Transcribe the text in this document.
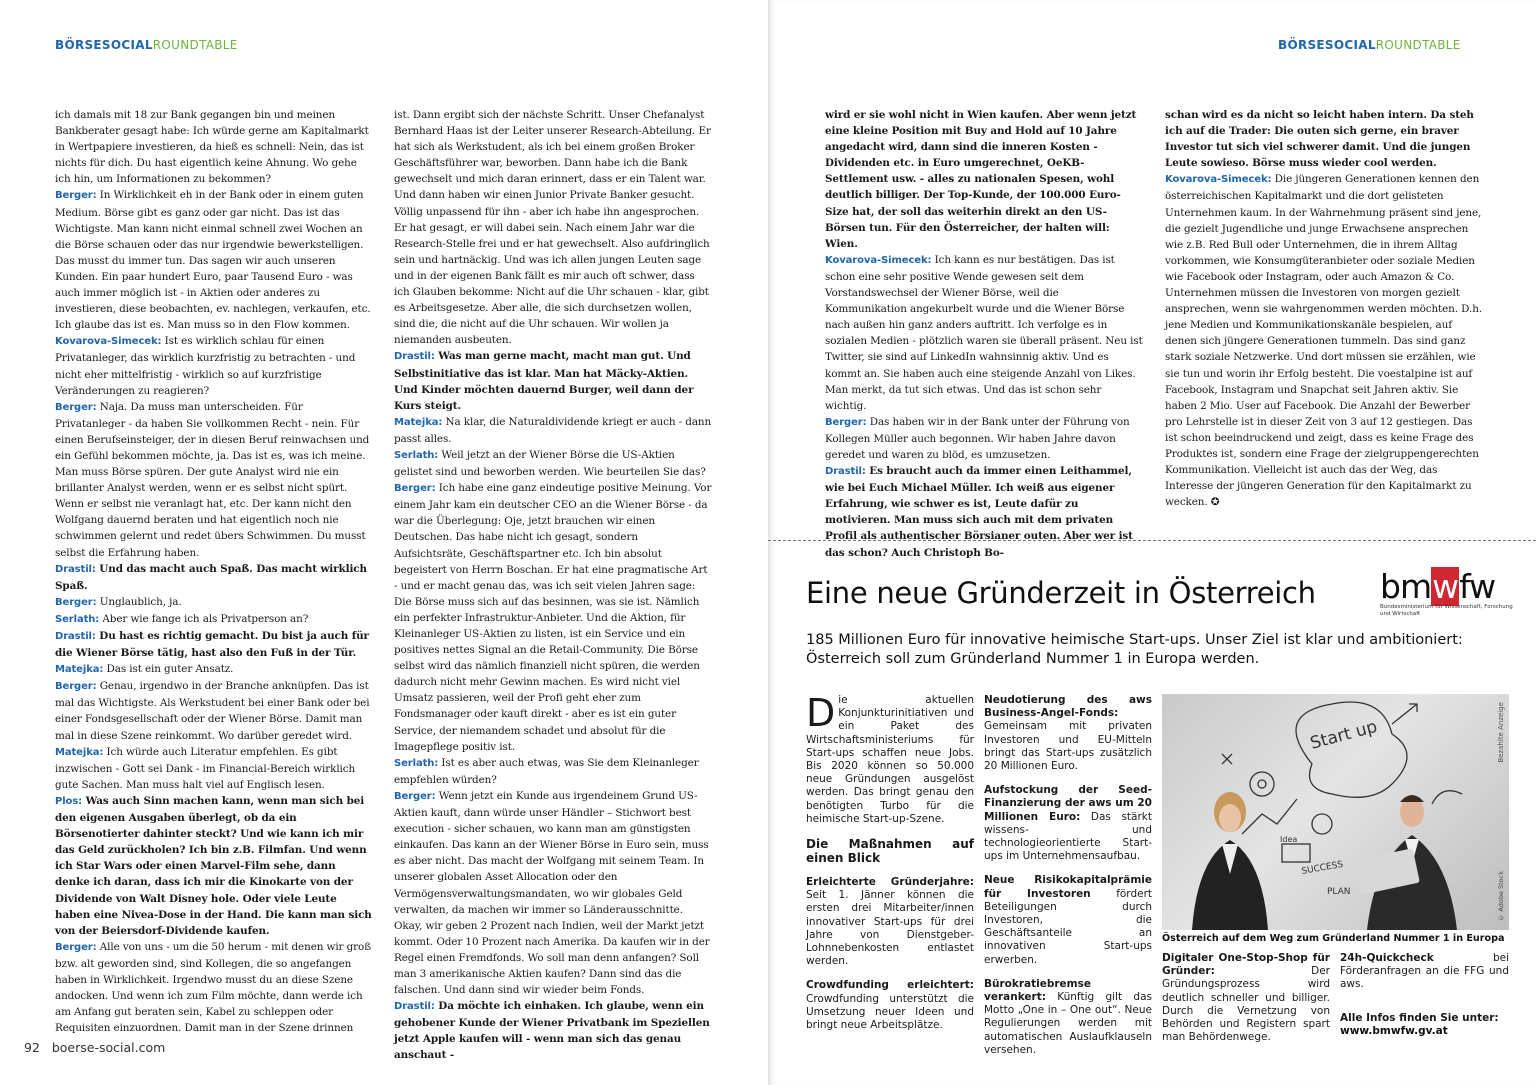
BÖRSESOCIALROUNDTABLE

ich damals mit 18 zur Bank gegangen bin und meinen Bankberater gesagt habe: Ich würde gerne am Kapitalmarkt in Wertpapiere investieren, da hieß es schnell: Nein, das ist nichts für dich. Du hast eigentlich keine Ahnung. Wo gehe ich hin, um Informationen zu bekommen?

Berger: In Wirklichkeit eh in der Bank oder in einem guten Medium. Börse gibt es ganz oder gar nicht. Das ist das Wichtigste. Man kann nicht einmal schnell zwei Wochen an die Börse schauen oder das nur irgendwie bewerkstelligen. Das musst du immer tun. Das sagen wir auch unseren Kunden. Ein paar hundert Euro, paar Tausend Euro - was auch immer möglich ist - in Aktien oder anderes zu investieren, diese beobachten, ev. nachlegen, verkaufen, etc. Ich glaube das ist es. Man muss so in den Flow kommen.

Kovarova-Simecek: Ist es wirklich schlau für einen Privatanleger, das wirklich kurzfristig zu betrachten - und nicht eher mittelfristig - wirklich so auf kurzfristige Veränderungen zu reagieren?

Berger: Naja. Da muss man unterscheiden. Für Privatanleger - da haben Sie vollkommen Recht - nein. Für einen Berufseinsteiger, der in diesen Beruf reinwachsen und ein Gefühl bekommen möchte, ja. Das ist es, was ich meine. Man muss Börse spüren. Der gute Analyst wird nie ein brillanter Analyst werden, wenn er es selbst nicht spürt. Wenn er selbst nie veranlagt hat, etc. Der kann nicht den Wolfgang dauernd beraten und hat eigentlich noch nie schwimmen gelernt und redet übers Schwimmen. Du musst selbst die Erfahrung haben.

Drastil: Und das macht auch Spaß. Das macht wirklich Spaß.

Berger: Unglaublich, ja.

Serlath: Aber wie fange ich als Privatperson an?

Drastil: Du hast es richtig gemacht. Du bist ja auch für die Wiener Börse tätig, hast also den Fuß in der Tür.

Matejka: Das ist ein guter Ansatz.

Berger: Genau, irgendwo in der Branche anknüpfen. Das ist mal das Wichtigste. Als Werkstudent bei einer Bank oder bei einer Fondsgesellschaft oder der Wiener Börse. Damit man mal in diese Szene reinkommt. Wo darüber geredet wird.

Matejka: Ich würde auch Literatur empfehlen. Es gibt inzwischen - Gott sei Dank - im Financial-Bereich wirklich gute Sachen. Man muss halt viel auf Englisch lesen.

Plos: Was auch Sinn machen kann, wenn man sich bei den eigenen Ausgaben überlegt, ob da ein Börsenotierter dahinter steckt? Und wie kann ich mir das Geld zurückholen? Ich bin z.B. Filmfan. Und wenn ich Star Wars oder einen Marvel-Film sehe, dann denke ich daran, dass ich mir die Kinokarte von der Dividende von Walt Disney hole. Oder viele Leute haben eine Nivea-Dose in der Hand. Die kann man sich von der Beiersdorf-Dividende kaufen.

Berger: Alle von uns - um die 50 herum - mit denen wir groß bzw. alt geworden sind, sind Kollegen, die so angefangen haben in Wirklichkeit. Irgendwo musst du an diese Szene andocken. Und wenn ich zum Film möchte, dann werde ich am Anfang gut beraten sein, Kabel zu schleppen oder Requisiten einzuordnen. Damit man in der Szene drinnen

ist. Dann ergibt sich der nächste Schritt. Unser Chefanalyst Bernhard Haas ist der Leiter unserer Research-Abteilung. Er hat sich als Werkstudent, als ich bei einem großen Broker Geschäftsführer war, beworben. Dann habe ich die Bank gewechselt und mich daran erinnert, dass er ein Talent war. Und dann haben wir einen Junior Private Banker gesucht. Völlig unpassend für ihn - aber ich habe ihn angesprochen. Er hat gesagt, er will dabei sein. Nach einem Jahr war die Research-Stelle frei und er hat gewechselt. Also aufdringlich sein und hartnäckig. Und was ich allen jungen Leuten sage und in der eigenen Bank fällt es mir auch oft schwer, dass ich Glauben bekomme: Nicht auf die Uhr schauen - klar, gibt es Arbeitsgesetze. Aber alle, die sich durchsetzen wollen, sind die, die nicht auf die Uhr schauen. Wir wollen ja niemanden ausbeuten.

Drastil: Was man gerne macht, macht man gut. Und Selbstinitiative das ist klar. Man hat Mäcky-Aktien. Und Kinder möchten dauernd Burger, weil dann der Kurs steigt.

Matejka: Na klar, die Naturaldividende kriegt er auch - dann passt alles.

Serlath: Weil jetzt an der Wiener Börse die US-Aktien gelistet sind und beworben werden. Wie beurteilen Sie das?

Berger: Ich habe eine ganz eindeutige positive Meinung. Vor einem Jahr kam ein deutscher CEO an die Wiener Börse - da war die Überlegung: Oje, jetzt brauchen wir einen Deutschen. Das habe nicht ich gesagt, sondern Aufsichtsräte, Geschäftspartner etc. Ich bin absolut begeistert von Herrn Boschan. Er hat eine pragmatische Art - und er macht genau das, was ich seit vielen Jahren sage: Die Börse muss sich auf das besinnen, was sie ist. Nämlich ein perfekter Infrastruktur-Anbieter. Und die Aktion, für Kleinanleger US-Aktien zu listen, ist ein Service und ein positives nettes Signal an die Retail-Community. Die Börse selbst wird das nämlich finanziell nicht spüren, die werden dadurch nicht mehr Gewinn machen. Es wird nicht viel Umsatz passieren, weil der Profi geht eher zum Fondsmanager oder kauft direkt - aber es ist ein guter Service, der niemandem schadet und absolut für die Imagepflege positiv ist.

Serlath: Ist es aber auch etwas, was Sie dem Kleinanleger empfehlen würden?

Berger: Wenn jetzt ein Kunde aus irgendeinem Grund US-Aktien kauft, dann würde unser Händler – Stichwort best execution - sicher schauen, wo kann man am günstigsten einkaufen. Das kann an der Wiener Börse in Euro sein, muss es aber nicht. Das macht der Wolfgang mit seinem Team. In unserer globalen Asset Allocation oder den Vermögensverwaltungsmandaten, wo wir globales Geld verwalten, da machen wir immer so Länderausschnitte. Okay, wir geben 2 Prozent nach Indien, weil der Markt jetzt kommt. Oder 10 Prozent nach Amerika. Da kaufen wir in der Regel einen Fremdfonds. Wo soll man denn anfangen? Soll man 3 amerikanische Aktien kaufen? Dann sind das die falschen. Und dann sind wir wieder beim Fonds.

Drastil: Da möchte ich einhaken. Ich glaube, wenn ein gehobener Kunde der Wiener Privatbank im Speziellen jetzt Apple kaufen will - wenn man sich das genau anschaut -

92 boerse-social.com
BÖRSESOCIALROUNDTABLE

wird er sie wohl nicht in Wien kaufen. Aber wenn jetzt eine kleine Position mit Buy and Hold auf 10 Jahre angedacht wird, dann sind die inneren Kosten - Dividenden etc. in Euro umgerechnet, OeKB-Settlement usw. - alles zu nationalen Spesen, wohl deutlich billiger. Der Top-Kunde, der 100.000 Euro-Size hat, der soll das weiterhin direkt an den US-Börsen tun. Für den Österreicher, der halten will: Wien.

Kovarova-Simecek: Ich kann es nur bestätigen. Das ist schon eine sehr positive Wende gewesen seit dem Vorstandswechsel der Wiener Börse, weil die Kommunikation angekurbelt wurde und die Wiener Börse nach außen hin ganz anders auftritt. Ich verfolge es in sozialen Medien - plötzlich waren sie überall präsent. Neu ist Twitter, sie sind auf LinkedIn wahnsinnig aktiv. Und es kommt an. Sie haben auch eine steigende Anzahl von Likes. Man merkt, da tut sich etwas. Und das ist schon sehr wichtig.

Berger: Das haben wir in der Bank unter der Führung von Kollegen Müller auch begonnen. Wir haben Jahre davon geredet und waren zu blöd, es umzusetzen.

Drastil: Es braucht auch da immer einen Leithammel, wie bei Euch Michael Müller. Ich weiß aus eigener Erfahrung, wie schwer es ist, Leute dafür zu motivieren. Man muss sich auch mit dem privaten Profil als authentischer Börsianer outen. Aber wer ist das schon? Auch Christoph Bo-

schan wird es da nicht so leicht haben intern. Da steh ich auf die Trader: Die outen sich gerne, ein braver Investor tut sich viel schwerer damit. Und die jungen Leute sowieso. Börse muss wieder cool werden.

Kovarova-Simecek: Die jüngeren Generationen kennen den österreichischen Kapitalmarkt und die dort gelisteten Unternehmen kaum. In der Wahrnehmung präsent sind jene, die gezielt Jugendliche und junge Erwachsene ansprechen wie z.B. Red Bull oder Unternehmen, die in ihrem Alltag vorkommen, wie Konsumgüteranbieter oder soziale Medien wie Facebook oder Instagram, oder auch Amazon & Co. Unternehmen müssen die Investoren von morgen gezielt ansprechen, wenn sie wahrgenommen werden möchten. D.h. jene Medien und Kommunikationskanäle bespielen, auf denen sich jüngere Generationen tummeln. Das sind ganz stark soziale Netzwerke. Und dort müssen sie erzählen, wie sie tun und worin ihr Erfolg besteht. Die voestalpine ist auf Facebook, Instagram und Snapchat seit Jahren aktiv. Sie haben 2 Mio. User auf Facebook. Die Anzahl der Bewerber pro Lehrstelle ist in dieser Zeit von 3 auf 12 gestiegen. Das ist schon beeindruckend und zeigt, dass es keine Frage des Produktes ist, sondern eine Frage der zielgruppengerechten Kommunikation. Vielleicht ist auch das der Weg, das Interesse der jüngeren Generation für den Kapitalmarkt zu wecken. ✪

Eine neue Gründerzeit in Österreich bmwfw
Bundesministerium für Wissenschaft, Forschung und Wirtschaft
185 Millionen Euro für innovative heimische Start-ups. Unser Ziel ist klar und ambitioniert: Österreich soll zum Gründerland Nummer 1 in Europa werden.

Die aktuellen Konjunkturinitiativen und ein Paket des Wirtschaftsministeriums für Start-ups schaffen neue Jobs. Bis 2020 können so 50.000 neue Gründungen ausgelöst werden. Das bringt genau den benötigten Turbo für die heimische Start-up-Szene.

Die Maßnahmen auf einen Blick

Erleichterte Gründerjahre: Seit 1. Jänner können die ersten drei Mitarbeiter/innen innovativer Start-ups für drei Jahre von Dienstgeber-Lohnnebenkosten entlastet werden.

Crowdfunding erleichtert: Crowdfunding unterstützt die Umsetzung neuer Ideen und bringt neue Arbeitsplätze.

Neudotierung des aws Business-Angel-Fonds: Gemeinsam mit privaten Investoren und EU-Mitteln bringt das Start-ups zusätzlich 20 Millionen Euro.

Aufstockung der Seed-Finanzierung der aws um 20 Millionen Euro: Das stärkt wissens- und technologieorientierte Start-ups im Unternehmensaufbau.

Neue Risikokapitalprämie für Investoren fördert Beteiligungen durch Investoren, die Geschäftsanteile an innovativen Start-ups erwerben.

Bürokratiebremse verankert: Künftig gilt das Motto „One in – One out“. Neue Regulierungen werden mit automatischen Auslaufklauseln versehen.

Start up
Idea
SUCCESS
PLAN
Bezahlte Anzeige
© Adobe Stock
Österreich auf dem Weg zum Gründerland Nummer 1 in Europa

Digitaler One-Stop-Shop für Gründer: Der Gründungsprozess wird deutlich schneller und billiger. Durch die Vernetzung von Behörden und Registern spart man Behördenwege.

24h-Quickcheck bei Förderanfragen an die FFG und aws.

Alle Infos finden Sie unter:
www.bmwfw.gv.at
